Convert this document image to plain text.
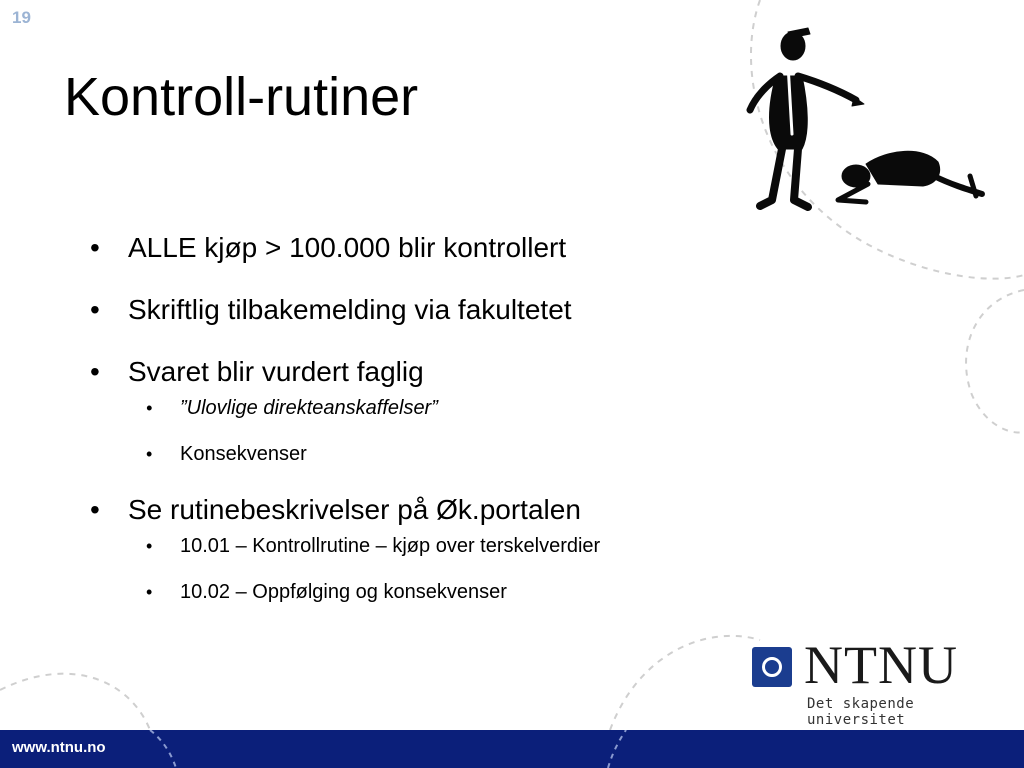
19
Kontroll-rutiner
• ALLE kjøp > 100.000 blir kontrollert
• Skriftlig tilbakemelding via fakultetet
• Svaret blir vurdert faglig
• ”Ulovlige direkteanskaffelser”
• Konsekvenser
• Se rutinebeskrivelser på Øk.portalen
• 10.01 – Kontrollrutine – kjøp over terskelverdier
• 10.02 – Oppfølging og konsekvenser
NTNU
Det skapende universitet
www.ntnu.no
